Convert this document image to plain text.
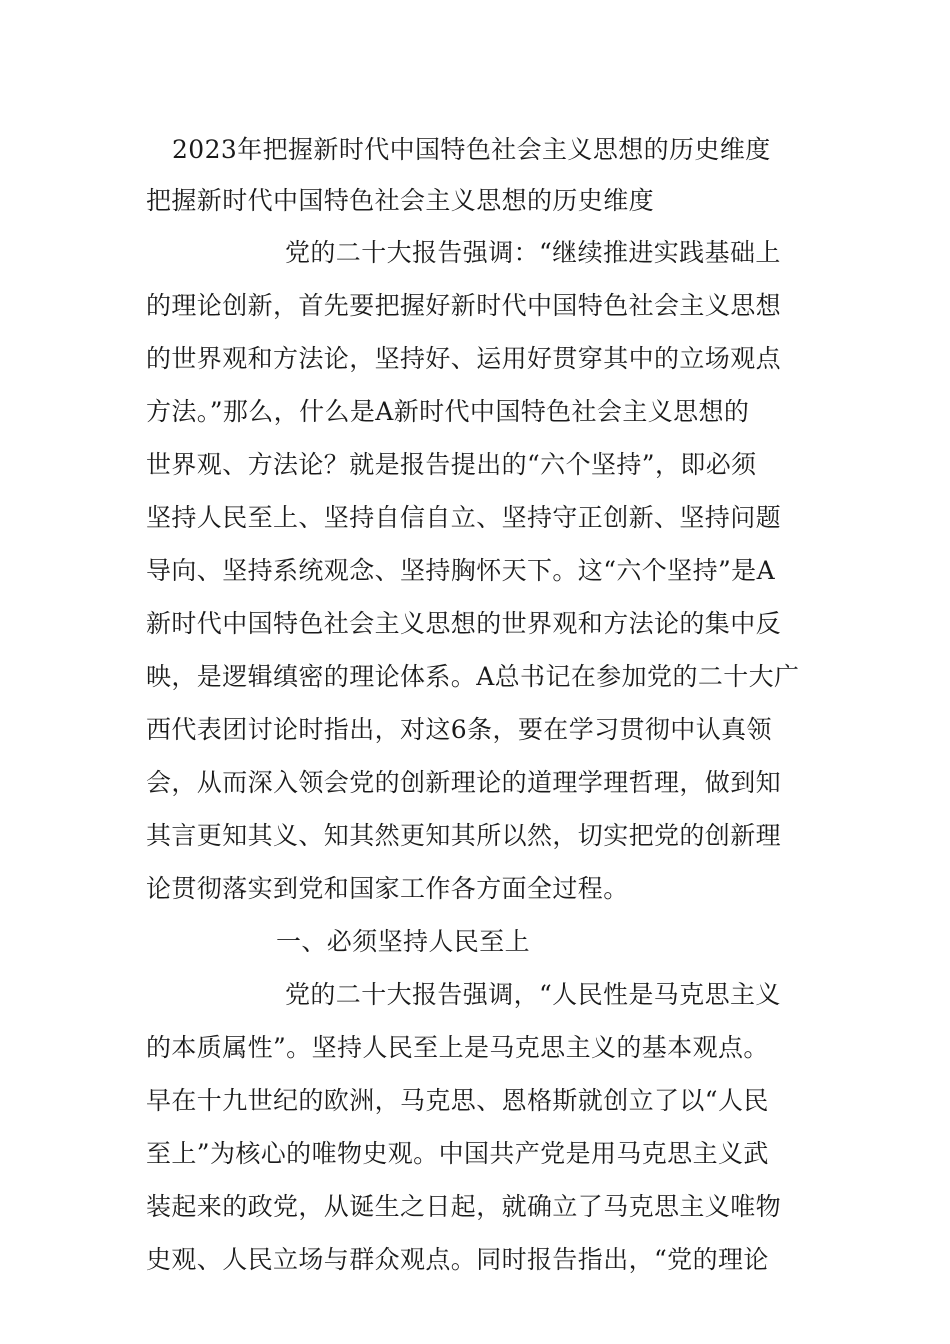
2023年把握新时代中国特色社会主义思想的历史维度
把握新时代中国特色社会主义思想的历史维度
党的二十大报告强调：“继续推进实践基础上
的理论创新，首先要把握好新时代中国特色社会主义思想
的世界观和方法论，坚持好、运用好贯穿其中的立场观点
方法。”那么，什么是A新时代中国特色社会主义思想的
世界观、方法论？就是报告提出的“六个坚持”，即必须
坚持人民至上、坚持自信自立、坚持守正创新、坚持问题
导向、坚持系统观念、坚持胸怀天下。这“六个坚持”是A
新时代中国特色社会主义思想的世界观和方法论的集中反
映，是逻辑缜密的理论体系。A总书记在参加党的二十大广
西代表团讨论时指出，对这6条，要在学习贯彻中认真领
会，从而深入领会党的创新理论的道理学理哲理，做到知
其言更知其义、知其然更知其所以然，切实把党的创新理
论贯彻落实到党和国家工作各方面全过程。
一、必须坚持人民至上
党的二十大报告强调，“人民性是马克思主义
的本质属性”。坚持人民至上是马克思主义的基本观点。
早在十九世纪的欧洲，马克思、恩格斯就创立了以“人民
至上”为核心的唯物史观。中国共产党是用马克思主义武
装起来的政党，从诞生之日起，就确立了马克思主义唯物
史观、人民立场与群众观点。同时报告指出，“党的理论
